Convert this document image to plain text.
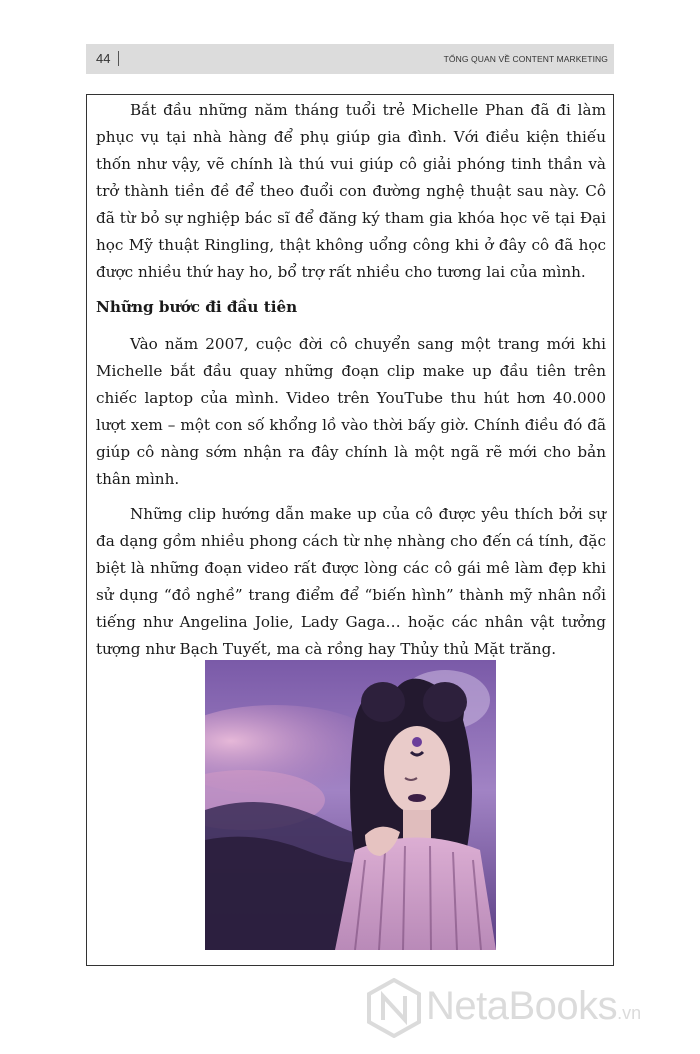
44	TỔNG QUAN VỀ CONTENT MARKETING

Bắt đầu những năm tháng tuổi trẻ Michelle Phan đã đi làm phục vụ tại nhà hàng để phụ giúp gia đình. Với điều kiện thiếu thốn như vậy, vẽ chính là thú vui giúp cô giải phóng tinh thần và trở thành tiền đề để theo đuổi con đường nghệ thuật sau này. Cô đã từ bỏ sự nghiệp bác sĩ để đăng ký tham gia khóa học vẽ tại Đại học Mỹ thuật Ringling, thật không uổng công khi ở đây cô đã học được nhiều thứ hay ho, bổ trợ rất nhiều cho tương lai của mình.

Những bước đi đầu tiên

Vào năm 2007, cuộc đời cô chuyển sang một trang mới khi Michelle bắt đầu quay những đoạn clip make up đầu tiên trên chiếc laptop của mình. Video trên YouTube thu hút hơn 40.000 lượt xem – một con số khổng lồ vào thời bấy giờ. Chính điều đó đã giúp cô nàng sớm nhận ra đây chính là một ngã rẽ mới cho bản thân mình.

Những clip hướng dẫn make up của cô được yêu thích bởi sự đa dạng gồm nhiều phong cách từ nhẹ nhàng cho đến cá tính, đặc biệt là những đoạn video rất được lòng các cô gái mê làm đẹp khi sử dụng “đồ nghề” trang điểm để “biến hình” thành mỹ nhân nổi tiếng như Angelina Jolie, Lady Gaga… hoặc các nhân vật tưởng tượng như Bạch Tuyết, ma cà rồng hay Thủy thủ Mặt trăng.

NetaBooks.vn
